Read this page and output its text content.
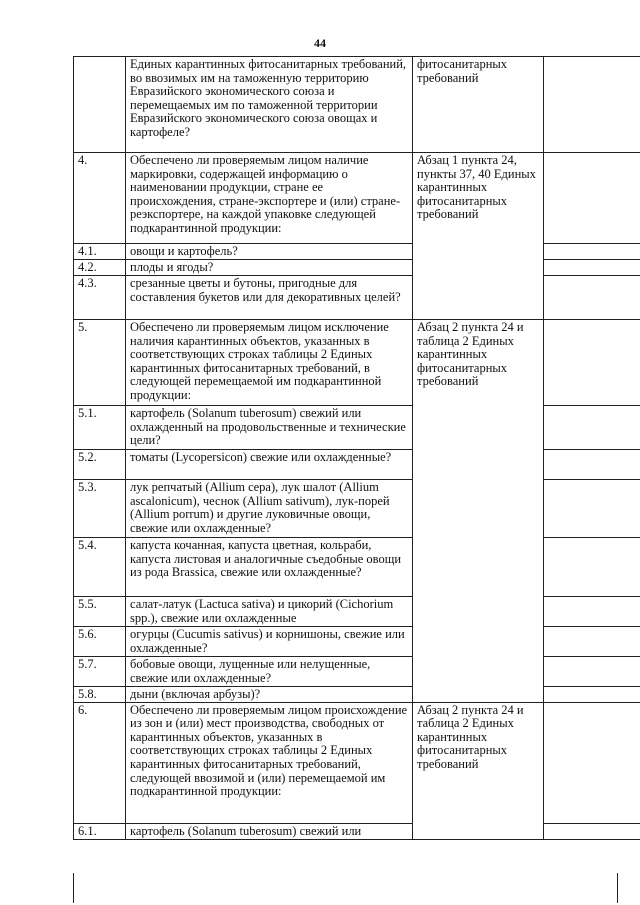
44

	Единых карантинных фитосанитарных требований, во ввозимых им на таможенную территорию Евразийского экономического союза и перемещаемых им по таможенной территории Евразийского экономического союза овощах и картофеле?	фитосанитарных требований	
4.	Обеспечено ли проверяемым лицом наличие маркировки, содержащей информацию о наименовании продукции, стране ее происхождения, стране-экспортере и (или) стране-реэкспортере, на каждой упаковке следующей подкарантинной продукции:	Абзац 1 пункта 24, пункты 37, 40 Единых карантинных фитосанитарных требований	
4.1.	овощи и картофель?		

4.2.	плоды и ягоды?		

4.3.	срезанные цветы и бутоны, пригодные для составления букетов или для декоративных целей?		

5.	Обеспечено ли проверяемым лицом исключение наличия карантинных объектов, указанных в соответствующих строках таблицы 2 Единых карантинных фитосанитарных требований, в следующей перемещаемой им подкарантинной продукции:	Абзац 2 пункта 24 и таблица 2 Единых карантинных фитосанитарных требований	
5.1.	картофель (Solanum tuberosum) свежий или охлажденный на продовольственные и технические цели?		

5.2.	томаты (Lycopersicon) свежие или охлажденные?		

5.3.	лук репчатый (Allium cepa), лук шалот (Allium ascalonicum), чеснок (Allium sativum), лук-порей (Allium porrum) и другие луковичные овощи, свежие или охлажденные?		

5.4.	капуста кочанная, капуста цветная, кольраби, капуста листовая и аналогичные съедобные овощи из рода Brassica, свежие или охлажденные?		

5.5.	салат-латук (Lactuca sativa) и цикорий (Cichorium spp.), свежие или охлажденные		

5.6.	огурцы (Cucumis sativus) и корнишоны, свежие или охлажденные?		

5.7.	бобовые овощи, лущенные или нелущенные, свежие или охлажденные?		

5.8.	дыни (включая арбузы)?		

6.	Обеспечено ли проверяемым лицом происхождение из зон и (или) мест производства, свободных от карантинных объектов, указанных в соответствующих строках таблицы 2 Единых карантинных фитосанитарных требований, следующей ввозимой и (или) перемещаемой им подкарантинной продукции:	Абзац 2 пункта 24 и таблица 2 Единых карантинных фитосанитарных требований	
6.1.	картофель (Solanum tuberosum) свежий или		
